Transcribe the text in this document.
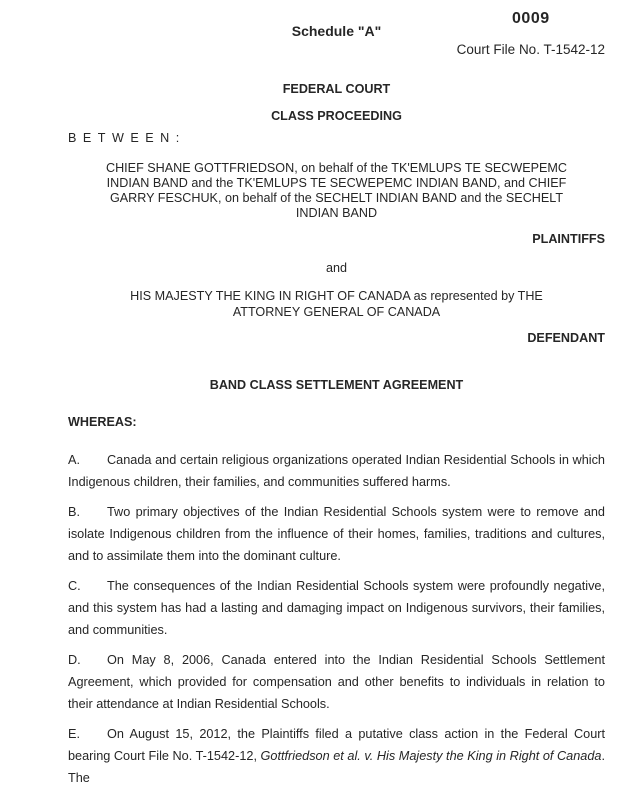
Schedule "A"
0009
Court File No. T-1542-12
FEDERAL COURT
CLASS PROCEEDING
BETWEEN:
CHIEF SHANE GOTTFRIEDSON, on behalf of the TK'EMLUPS TE SECWEPEMC
INDIAN BAND and the TK'EMLUPS TE SECWEPEMC INDIAN BAND, and CHIEF
GARRY FESCHUK, on behalf of the SECHELT INDIAN BAND and the SECHELT
INDIAN BAND
PLAINTIFFS
and
HIS MAJESTY THE KING IN RIGHT OF CANADA as represented by THE
ATTORNEY GENERAL OF CANADA
DEFENDANT
BAND CLASS SETTLEMENT AGREEMENT
WHEREAS:

A. Canada and certain religious organizations operated Indian Residential Schools in which Indigenous children, their families, and communities suffered harms.

B. Two primary objectives of the Indian Residential Schools system were to remove and isolate Indigenous children from the influence of their homes, families, traditions and cultures, and to assimilate them into the dominant culture.

C. The consequences of the Indian Residential Schools system were profoundly negative, and this system has had a lasting and damaging impact on Indigenous survivors, their families, and communities.

D. On May 8, 2006, Canada entered into the Indian Residential Schools Settlement Agreement, which provided for compensation and other benefits to individuals in relation to their attendance at Indian Residential Schools.

E. On August 15, 2012, the Plaintiffs filed a putative class action in the Federal Court bearing Court File No. T-1542-12, Gottfriedson et al. v. His Majesty the King in Right of Canada. The
